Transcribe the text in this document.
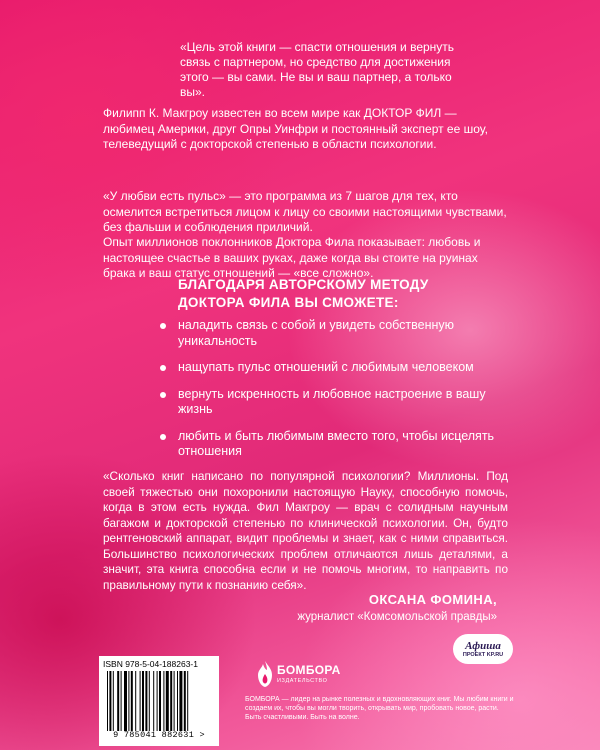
«Цель этой книги — спасти отношения и вернуть связь с партнером, но средство для достижения этого — вы сами. Не вы и ваш партнер, а только вы».
Филипп К. Макгроу известен во всем мире как ДОКТОР ФИЛ — любимец Америки, друг Опры Уинфри и постоянный эксперт ее шоу, телеведущий с докторской степенью в области психологии.
«У любви есть пульс» — это программа из 7 шагов для тех, кто осмелится встретиться лицом к лицу со своими настоящими чувствами, без фальши и соблюдения приличий.
Опыт миллионов поклонников Доктора Фила показывает: любовь и настоящее счастье в ваших руках, даже когда вы стоите на руинах брака и ваш статус отношений — «все сложно».
БЛАГОДАРЯ АВТОРСКОМУ МЕТОДУ ДОКТОРА ФИЛА ВЫ СМОЖЕТЕ:
наладить связь с собой и увидеть собственную уникальность
нащупать пульс отношений с любимым человеком
вернуть искренность и любовное настроение в вашу жизнь
любить и быть любимым вместо того, чтобы исцелять отношения
«Сколько книг написано по популярной психологии? Миллионы. Под своей тяжестью они похоронили настоящую Науку, способную помочь, когда в этом есть нужда. Фил Макгроу — врач с солидным научным багажом и докторской степенью по клинической психологии. Он, будто рентгеновский аппарат, видит проблемы и знает, как с ними справиться. Большинство психологических проблем отличаются лишь деталями, а значит, эта книга способна если и не помочь многим, то направить по правильному пути к познанию себя».
ОКСАНА ФОМИНА,
журналист «Комсомольской правды»
Афиша
ПРОЕКТ KP.RU
ISBN 978-5-04-188263-1
9 785041 882631 >
БОМБОРА
ИЗДАТЕЛЬСТВО
БОМБОРА — лидер на рынке полезных и вдохновляющих книг. Мы любим книги и создаем их, чтобы вы могли творить, открывать мир, пробовать новое, расти. Быть счастливыми. Быть на волне.
